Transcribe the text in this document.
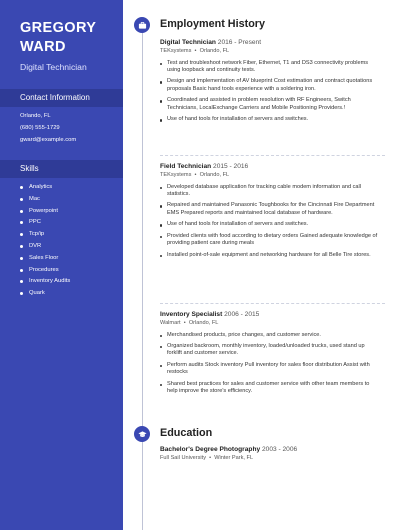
GREGORY
WARD
Digital Technician
Contact Information
Orlando, FL
(680) 555-1729
gward@example.com
Skills
Analytics
Mac
Powerpoint
PPC
Tcp/ip
DVR
Sales Floor
Procedures
Inventory Audits
Quark
Employment History
Digital Technician 2016 - Present
TEKsystems  •  Orlando, FL
Test and troubleshoot network Fiber, Ethernet, T1 and DS3 connectivity problems using loopback and continuity tests.
Design and implementation of AV blueprint Cost estimation and contract quotations proposals Basic hand tools experience with a soldering iron.
Coordinated and assisted in problem resolution with RF Engineers, Switch Technicians, LocalExchange Carriers and Mobile Positioning Providers.!
Use of hand tools for installation of servers and switches.
Field Technician 2015 - 2016
TEKsystems  •  Orlando, FL
Developed database application for tracking cable modem information and call statistics.
Repaired and maintained Panasonic Toughbooks for the Cincinnati Fire Department EMS Prepared reports and maintained local database of hardware.
Use of hand tools for installation of servers and switches.
Provided clients with food according to dietary orders Gained adequate knowledge of providing patient care during meals
Installed point-of-sale equipment and networking hardware for all Belle Tire stores.
Inventory Specialist 2006 - 2015
Walmart  •  Orlando, FL
Merchandised products, price changes, and customer service.
Organized backroom, monthly inventory, loaded/unloaded trucks, used stand up forklift and customer service.
Perform audits Stock inventory Pull inventory for sales floor distribution Assist with restocks
Shared best practices for sales and customer service with other team members to help improve the store's efficiency.
Education
Bachelor's Degree Photography 2003 - 2006
Full Sail University  •  Winter Park, FL
